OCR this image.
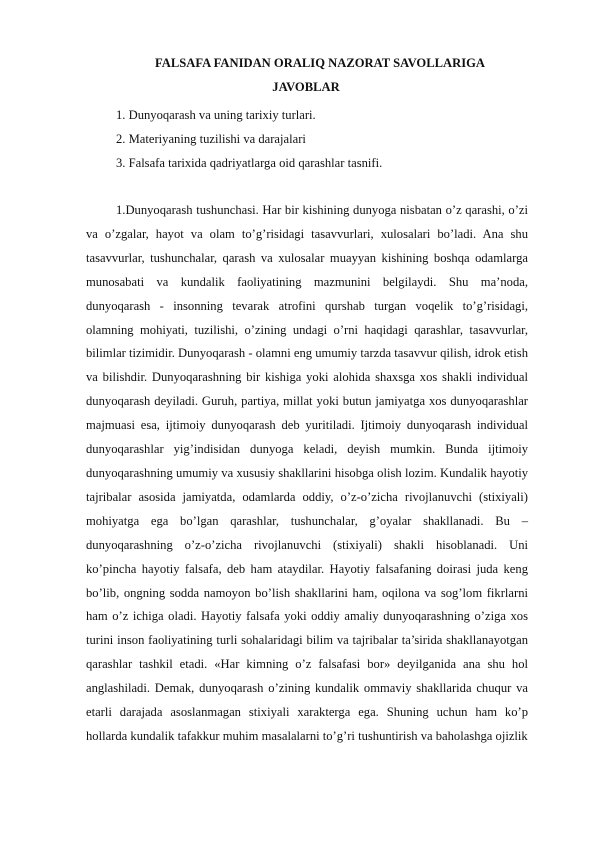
FALSAFA FANIDAN ORALIQ NAZORAT SAVOLLARIGA
JAVOBLAR
1. Dunyoqarash va uning tarixiy turlari.
2. Materiyaning tuzilishi va darajalari
3. Falsafa tarixida qadriyatlarga oid qarashlar tasnifi.

1.Dunyoqarash tushunchasi. Har bir kishining dunyoga nisbatan o’z qarashi, o’zi va o’zgalar, hayot va olam to’g’risidagi tasavvurlari, xulosalari bo’ladi. Ana shu tasavvurlar, tushunchalar, qarash va xulosalar muayyan kishining boshqa odamlarga munosabati va kundalik faoliyatining mazmunini belgilaydi. Shu ma’noda, dunyoqarash - insonning tevarak atrofini qurshab turgan voqelik to’g’risidagi, olamning mohiyati, tuzilishi, o’zining undagi o’rni haqidagi qarashlar, tasavvurlar, bilimlar tizimidir. Dunyoqarash - olamni eng umumiy tarzda tasavvur qilish, idrok etish va bilishdir. Dunyoqarashning bir kishiga yoki alohida shaxsga xos shakli individual dunyoqarash deyiladi. Guruh, partiya, millat yoki butun jamiyatga xos dunyoqarashlar majmuasi esa, ijtimoiy dunyoqarash deb yuritiladi. Ijtimoiy dunyoqarash individual dunyoqarashlar yig’indisidan dunyoga keladi, deyish mumkin. Bunda ijtimoiy dunyoqarashning umumiy va xususiy shakllarini hisobga olish lozim. Kundalik hayotiy tajribalar asosida jamiyatda, odamlarda oddiy, o’z-o’zicha rivojlanuvchi (stixiyali) mohiyatga ega bo’lgan qarashlar, tushunchalar, g’oyalar shakllanadi. Bu – dunyoqarashning o’z-o’zicha rivojlanuvchi (stixiyali) shakli hisoblanadi. Uni ko’pincha hayotiy falsafa, deb ham ataydilar. Hayotiy falsafaning doirasi juda keng bo’lib, ongning sodda namoyon bo’lish shakllarini ham, oqilona va sog’lom fikrlarni ham o’z ichiga oladi. Hayotiy falsafa yoki oddiy amaliy dunyoqarashning o’ziga xos turini inson faoliyatining turli sohalaridagi bilim va tajribalar ta’sirida shakllanayotgan qarashlar tashkil etadi. «Har kimning o’z falsafasi bor» deyilganida ana shu hol anglashiladi. Demak, dunyoqarash o’zining kundalik ommaviy shakllarida chuqur va etarli darajada asoslanmagan stixiyali xarakterga ega. Shuning uchun ham ko’p hollarda kundalik tafakkur muhim masalalarni to’g’ri tushuntirish va baholashga ojizlik
